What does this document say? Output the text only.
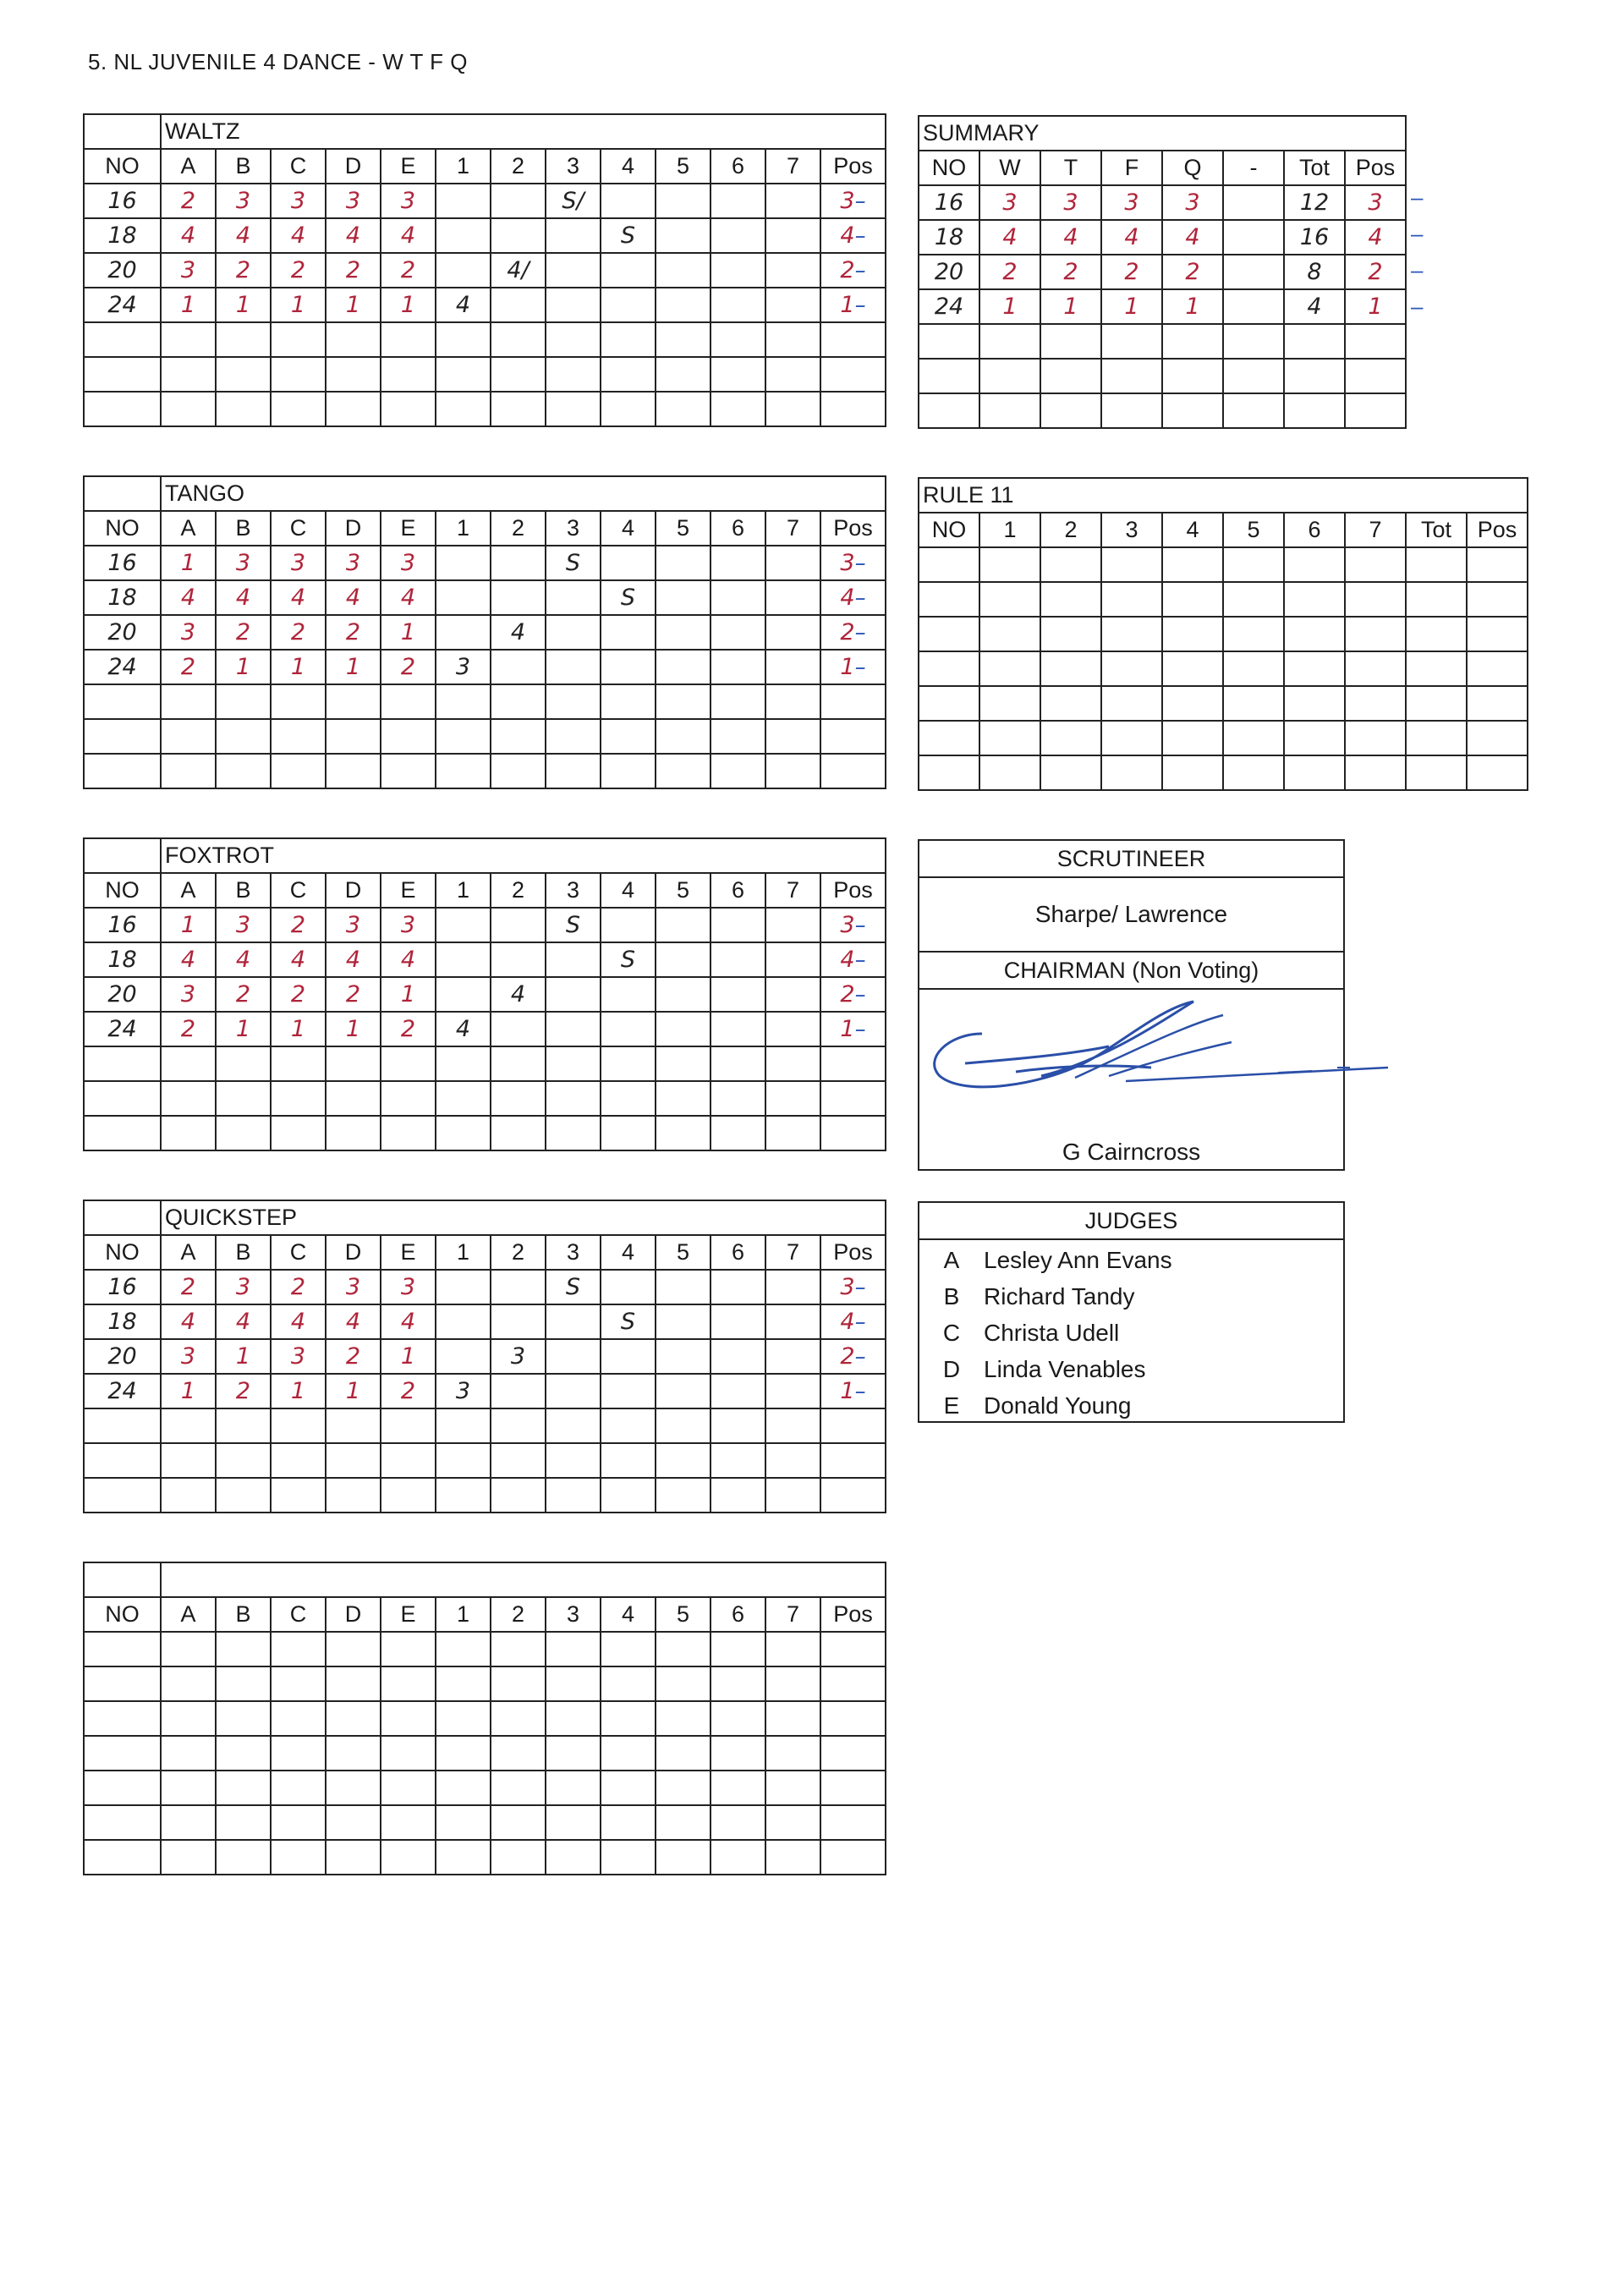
5. NL JUVENILE 4 DANCE - W T F Q
	WALTZ												
NO	A	B	C	D	E	1	2	3	4	5	6	7	Pos
16	2	3	3	3	3			S/					3–
18	4	4	4	4	4				S				4–
20	3	2	2	2	2		4/						2–
24	1	1	1	1	1	4							1–

	TANGO												
NO	A	B	C	D	E	1	2	3	4	5	6	7	Pos
16	1	3	3	3	3			S					3–
18	4	4	4	4	4				S				4–
20	3	2	2	2	1		4						2–
24	2	1	1	1	2	3							1–

	FOXTROT												
NO	A	B	C	D	E	1	2	3	4	5	6	7	Pos
16	1	3	2	3	3			S					3–
18	4	4	4	4	4				S				4–
20	3	2	2	2	1		4						2–
24	2	1	1	1	2	4							1–

	QUICKSTEP												
NO	A	B	C	D	E	1	2	3	4	5	6	7	Pos
16	2	3	2	3	3			S					3–
18	4	4	4	4	4				S				4–
20	3	1	3	2	1		3						2–
24	1	2	1	1	2	3							1–

NO	A	B	C	D	E	1	2	3	4	5	6	7	Pos

SUMMARY							
NO	W	T	F	Q	-	Tot	Pos
16	3	3	3	3		12	3
18	4	4	4	4		16	4
20	2	2	2	2		8	2
24	1	1	1	1		4	1

–
–
–
–
RULE 11									
NO	1	2	3	4	5	6	7	Tot	Pos

SCRUTINEER
Sharpe/ Lawrence
CHAIRMAN (Non Voting)
G Cairncross
JUDGES
A	Lesley Ann Evans
B	Richard Tandy
C Christa Udell
D Linda Venables
E	Donald Young
